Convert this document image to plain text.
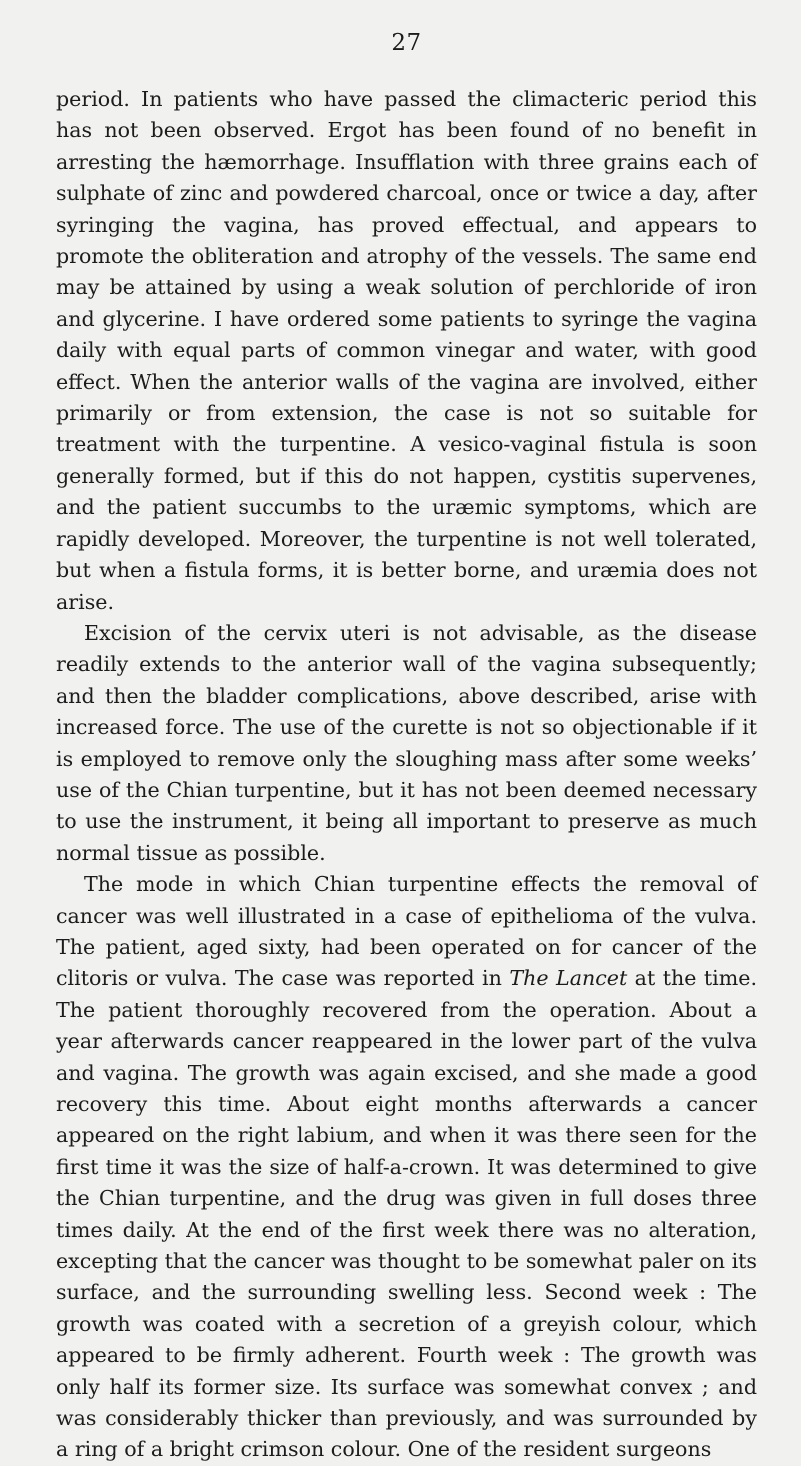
27

period. In patients who have passed the climacteric period this has not been observed. Ergot has been found of no benefit in arresting the hæmorrhage. Insufflation with three grains each of sulphate of zinc and powdered charcoal, once or twice a day, after syringing the vagina, has proved effectual, and appears to promote the obliteration and atrophy of the vessels. The same end may be attained by using a weak solution of perchloride of iron and glycerine. I have ordered some patients to syringe the vagina daily with equal parts of common vinegar and water, with good effect. When the anterior walls of the vagina are involved, either primarily or from extension, the case is not so suitable for treatment with the turpentine. A vesico-vaginal fistula is soon generally formed, but if this do not happen, cystitis supervenes, and the patient succumbs to the uræmic symptoms, which are rapidly developed. Moreover, the turpentine is not well tolerated, but when a fistula forms, it is better borne, and uræmia does not arise.

Excision of the cervix uteri is not advisable, as the disease readily extends to the anterior wall of the vagina subsequently; and then the bladder complications, above described, arise with increased force. The use of the curette is not so objectionable if it is employed to remove only the sloughing mass after some weeks’ use of the Chian turpentine, but it has not been deemed necessary to use the instrument, it being all important to preserve as much normal tissue as possible.

The mode in which Chian turpentine effects the removal of cancer was well illustrated in a case of epithelioma of the vulva. The patient, aged sixty, had been operated on for cancer of the clitoris or vulva. The case was reported in The Lancet at the time. The patient thoroughly recovered from the operation. About a year afterwards cancer reappeared in the lower part of the vulva and vagina. The growth was again excised, and she made a good recovery this time. About eight months afterwards a cancer appeared on the right labium, and when it was there seen for the first time it was the size of half-a-crown. It was determined to give the Chian turpentine, and the drug was given in full doses three times daily. At the end of the first week there was no alteration, excepting that the cancer was thought to be somewhat paler on its surface, and the surrounding swelling less. Second week : The growth was coated with a secretion of a greyish colour, which appeared to be firmly adherent. Fourth week : The growth was only half its former size. Its surface was somewhat convex ; and was considerably thicker than previously, and was surrounded by a ring of a bright crimson colour. One of the resident surgeons
